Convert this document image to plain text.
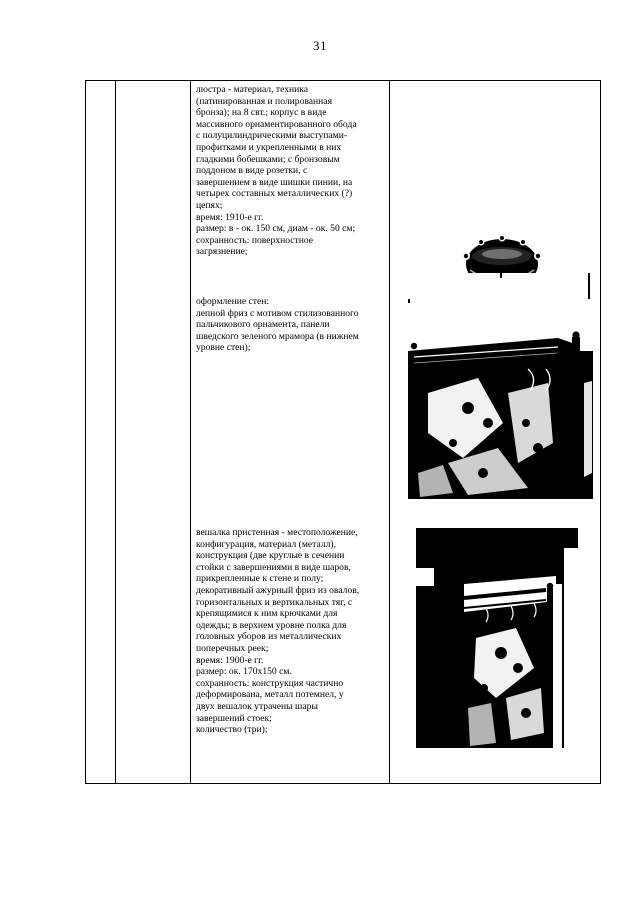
31
люстра - материал, техника
(патинированная и полированная
бронза); на 8 свт.; корпус в виде
массивного орнаментированного обода
с полуцилиндрическими выступами-
профитками и укрепленными в них
гладкими бобешками; с бронзовым
поддоном в виде розетки, с
завершением в виде шишки пинии, на
четырех составных металлических (?)
цепях;
время: 1910-е гг.
размер: в - ок. 150 см, диам - ок. 50 см;
сохранность: поверхностное
загрязнение;
оформление стен:
лепной фриз с мотивом стилизованного
пальчикового орнамента, панели
шведского зеленого мрамора (в нижнем
уровне стен);
вешалка пристенная - местоположение,
конфигурация, материал (металл),
конструкция (две круглые в сечении
стойки с завершениями в виде шаров,
прикрепленные к стене и полу;
декоративный ажурный фриз из овалов,
горизонтальных и вертикальных тяг, с
крепящимися к ним крючками для
одежды; в верхнем уровне полка для
головных уборов из металлических
поперечных реек;
время: 1900-е гг.
размер: ок. 170х150 см.
сохранность: конструкция частично
деформирована, металл потемнел, у
двух вешалок утрачены шары
завершений стоек;
количество (три);
